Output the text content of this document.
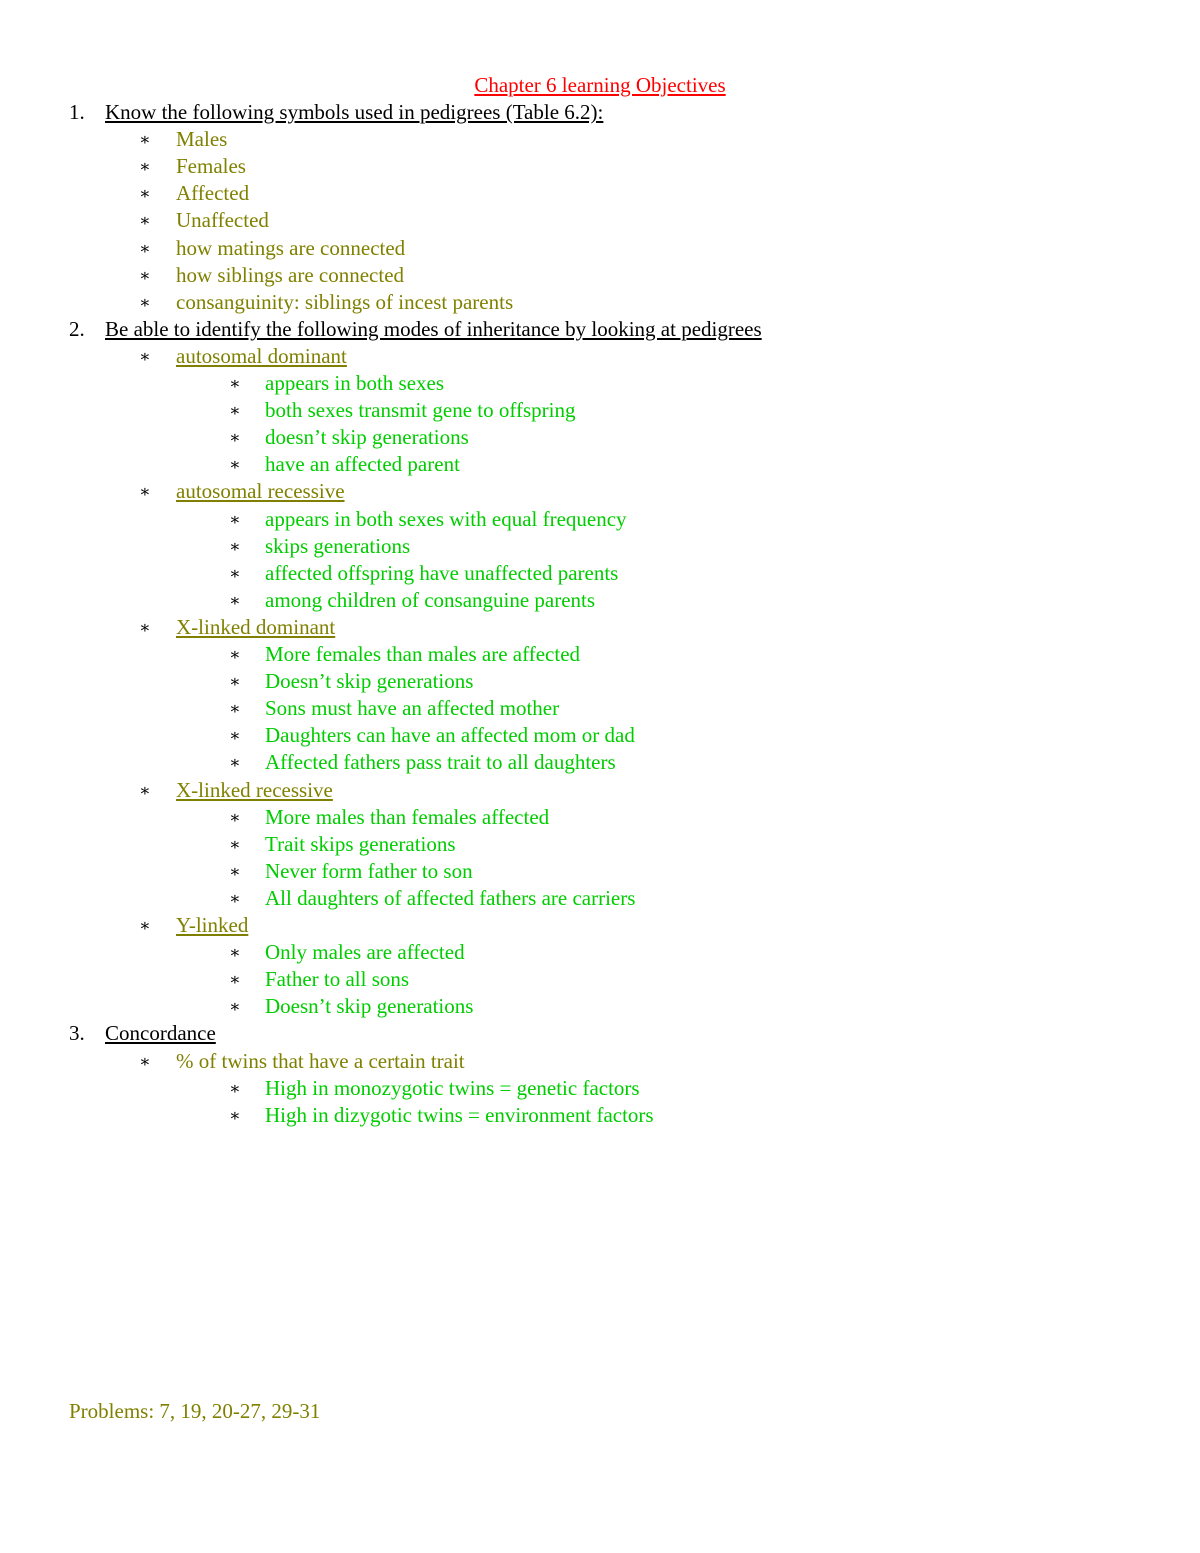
Chapter 6 learning Objectives
1. Know the following symbols used in pedigrees (Table 6.2):
∗ Males
∗ Females
∗ Affected
∗ Unaffected
∗ how matings are connected
∗ how siblings are connected
∗ consanguinity: siblings of incest parents
2. Be able to identify the following modes of inheritance by looking at pedigrees
∗ autosomal dominant
∗ appears in both sexes
∗ both sexes transmit gene to offspring
∗ doesn’t skip generations
∗ have an affected parent
∗ autosomal recessive
∗ appears in both sexes with equal frequency
∗ skips generations
∗ affected offspring have unaffected parents
∗ among children of consanguine parents
∗ X-linked dominant
∗ More females than males are affected
∗ Doesn’t skip generations
∗ Sons must have an affected mother
∗ Daughters can have an affected mom or dad
∗ Affected fathers pass trait to all daughters
∗ X-linked recessive
∗ More males than females affected
∗ Trait skips generations
∗ Never form father to son
∗ All daughters of affected fathers are carriers
∗ Y-linked
∗ Only males are affected
∗ Father to all sons
∗ Doesn’t skip generations
3. Concordance
∗ % of twins that have a certain trait
∗ High in monozygotic twins = genetic factors
∗ High in dizygotic twins = environment factors
Problems: 7, 19, 20-27, 29-31
